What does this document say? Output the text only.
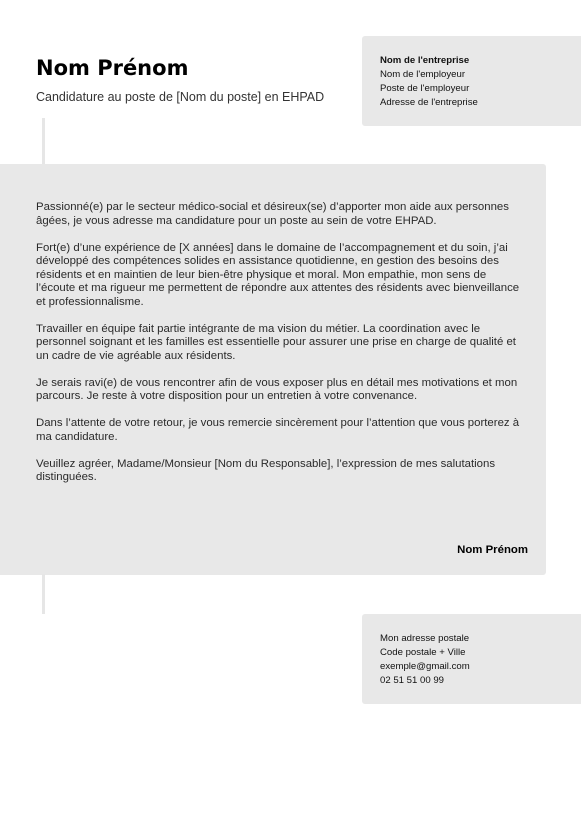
Nom Prénom
Candidature au poste de [Nom du poste] en EHPAD
Nom de l'entreprise
Nom de l'employeur
Poste de l'employeur
Adresse de l'entreprise

Passionné(e) par le secteur médico-social et désireux(se) d’apporter mon aide aux personnes âgées, je vous adresse ma candidature pour un poste au sein de votre EHPAD.

Fort(e) d’une expérience de [X années] dans le domaine de l’accompagnement et du soin, j’ai développé des compétences solides en assistance quotidienne, en gestion des besoins des résidents et en maintien de leur bien-être physique et moral. Mon empathie, mon sens de l’écoute et ma rigueur me permettent de répondre aux attentes des résidents avec bienveillance et professionnalisme.

Travailler en équipe fait partie intégrante de ma vision du métier. La coordination avec le personnel soignant et les familles est essentielle pour assurer une prise en charge de qualité et un cadre de vie agréable aux résidents.

Je serais ravi(e) de vous rencontrer afin de vous exposer plus en détail mes motivations et mon parcours. Je reste à votre disposition pour un entretien à votre convenance.

Dans l’attente de votre retour, je vous remercie sincèrement pour l’attention que vous porterez à ma candidature.

Veuillez agréer, Madame/Monsieur [Nom du Responsable], l’expression de mes salutations distinguées.

Nom Prénom
Mon adresse postale
Code postale + Ville
exemple@gmail.com
02 51 51 00 99
